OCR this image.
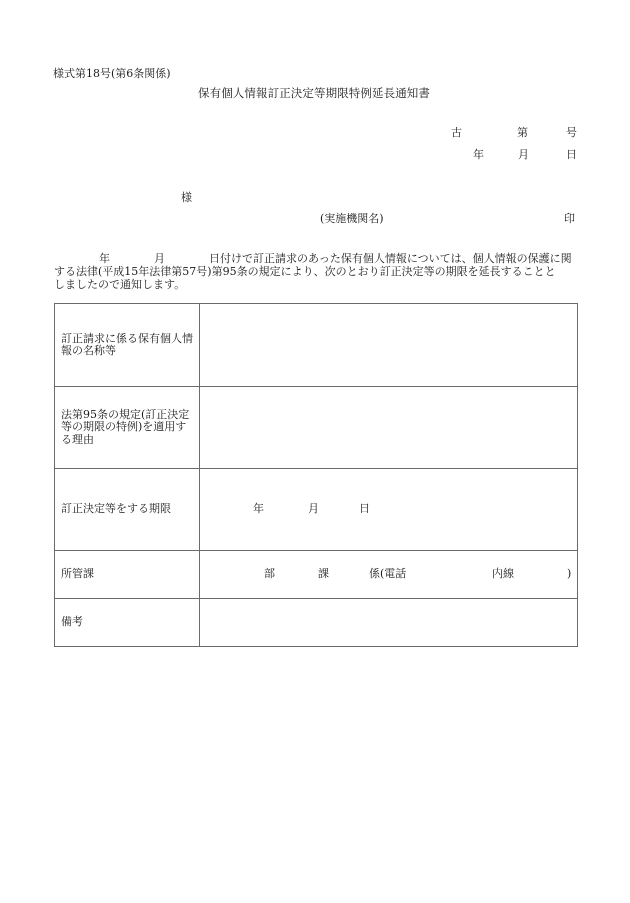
様式第18号(第6条関係)
保有個人情報訂正決定等期限特例延長通知書
古	第	号
年	月	日
様
(実施機関名)	印
年	月	日付けで訂正請求のあった保有個人情報については、個人情報の保護に関
する法律(平成15年法律第57号)第95条の規定により、次のとおり訂正決定等の期限を延長することと
しましたので通知します。
訂正請求に係る保有個人情報の名称等	
法第95条の規定(訂正決定等の期限の特例)を適用する理由	
訂正決定等をする期限	年 月 日

所管課	部 課 係(電話 内線 )

備考	
